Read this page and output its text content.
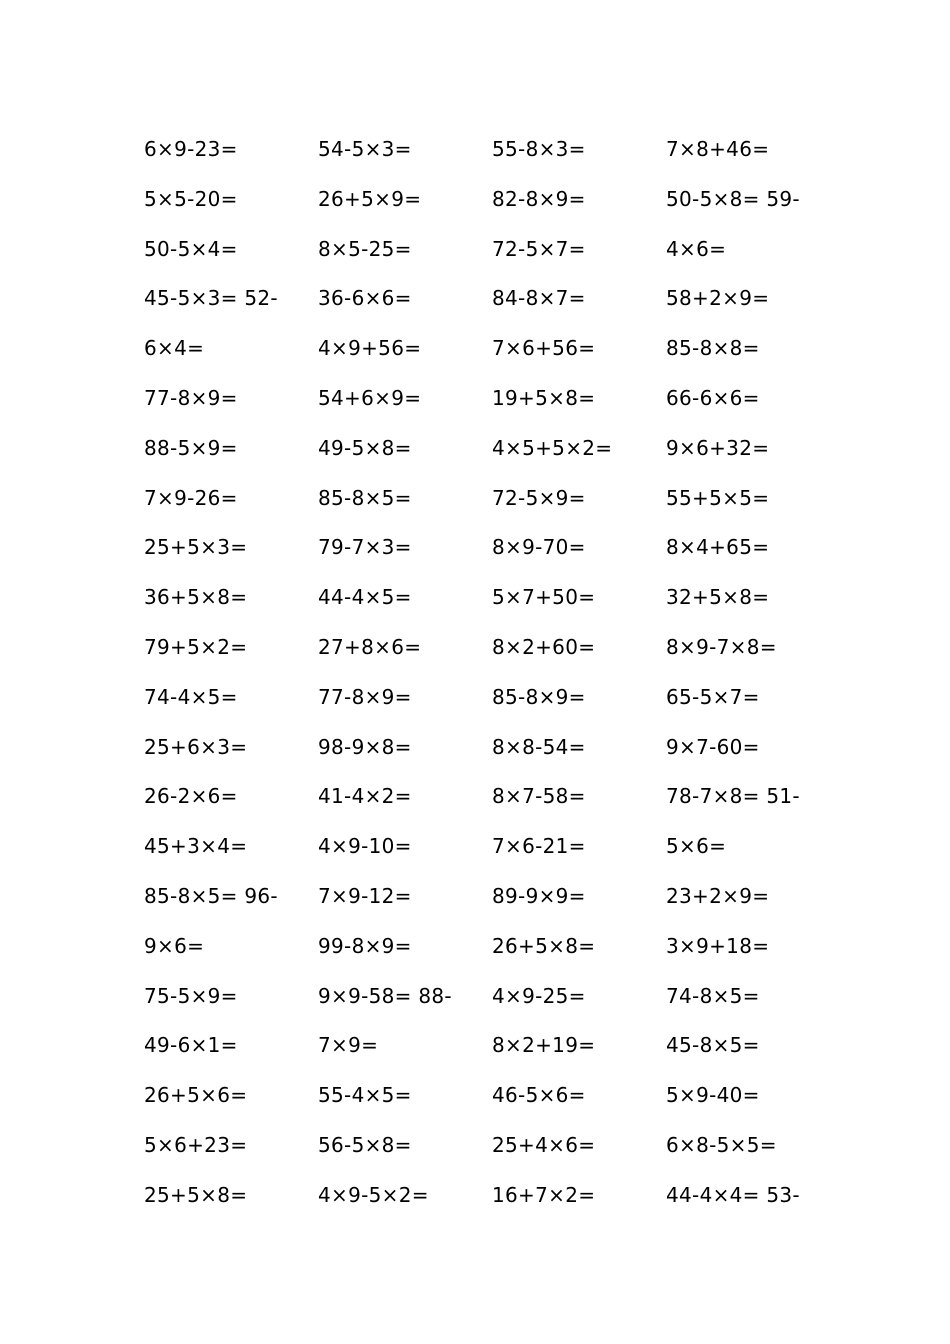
6×9-23=	54-5×3=	55-8×3=	7×8+46=
5×5-20=	26+5×9=	82-8×9=	50-5×8= 59-
50-5×4=	8×5-25=	72-5×7=	4×6=
45-5×3= 52-	36-6×6=	84-8×7=	58+2×9=
6×4=	4×9+56=	7×6+56=	85-8×8=
77-8×9=	54+6×9=	19+5×8=	66-6×6=
88-5×9=	49-5×8=	4×5+5×2=	9×6+32=
7×9-26=	85-8×5=	72-5×9=	55+5×5=
25+5×3=	79-7×3=	8×9-70=	8×4+65=
36+5×8=	44-4×5=	5×7+50=	32+5×8=
79+5×2=	27+8×6=	8×2+60=	8×9-7×8=
74-4×5=	77-8×9=	85-8×9=	65-5×7=
25+6×3=	98-9×8=	8×8-54=	9×7-60=
26-2×6=	41-4×2=	8×7-58=	78-7×8= 51-
45+3×4=	4×9-10=	7×6-21=	5×6=
85-8×5= 96-	7×9-12=	89-9×9=	23+2×9=
9×6=	99-8×9=	26+5×8=	3×9+18=
75-5×9=	9×9-58= 88-	4×9-25=	74-8×5=
49-6×1=	7×9=	8×2+19=	45-8×5=
26+5×6=	55-4×5=	46-5×6=	5×9-40=
5×6+23=	56-5×8=	25+4×6=	6×8-5×5=
25+5×8=	4×9-5×2=	16+7×2=	44-4×4= 53-
